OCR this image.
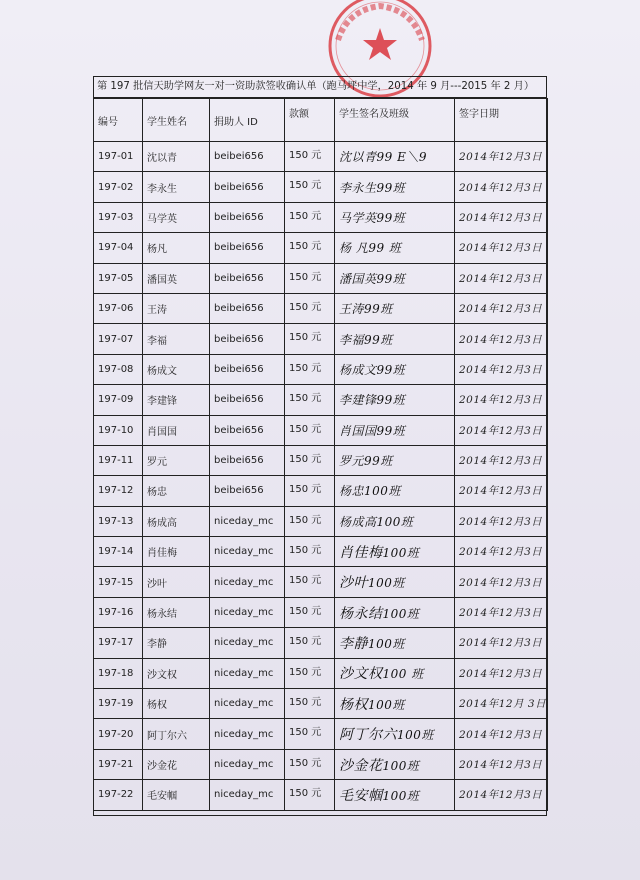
第 197 批信天助学网友一对一资助款签收确认单（跑马坪中学，2014 年 9 月---2015 年 2 月）
编号	学生姓名	捐助人 ID	款额	学生签名及班级	签字日期
197-01	沈以青	beibei656	150 元	沈以青99 E＼9	2014年12月3日
197-02	李永生	beibei656	150 元	李永生99班	2014年12月3日
197-03	马学英	beibei656	150 元	马学英99班	2014年12月3日
197-04	杨凡	beibei656	150 元	杨 凡99 班	2014年12月3日
197-05	潘国英	beibei656	150 元	潘国英99班	2014年12月3日
197-06	王涛	beibei656	150 元	王涛99班	2014年12月3日
197-07	李福	beibei656	150 元	李福99班	2014年12月3日
197-08	杨成文	beibei656	150 元	杨成文99班	2014年12月3日
197-09	李建锋	beibei656	150 元	李建锋99班	2014年12月3日
197-10	肖国国	beibei656	150 元	肖国国99班	2014年12月3日
197-11	罗元	beibei656	150 元	罗元99班	2014年12月3日
197-12	杨忠	beibei656	150 元	杨忠100班	2014年12月3日
197-13	杨成高	niceday_mc	150 元	杨成高100班	2014年12月3日
197-14	肖佳梅	niceday_mc	150 元	肖佳梅100班	2014年12月3日
197-15	沙叶	niceday_mc	150 元	沙叶100班	2014年12月3日
197-16	杨永结	niceday_mc	150 元	杨永结100班	2014年12月3日
197-17	李静	niceday_mc	150 元	李静100班	2014年12月3日
197-18	沙文权	niceday_mc	150 元	沙文权100 班	2014年12月3日
197-19	杨权	niceday_mc	150 元	杨权100班	2014年12月 3日
197-20	阿丁尔六	niceday_mc	150 元	阿丁尔六100班	2014年12月3日
197-21	沙金花	niceday_mc	150 元	沙金花100班	2014年12月3日
197-22	毛安帼	niceday_mc	150 元	毛安帼100班	2014年12月3日
